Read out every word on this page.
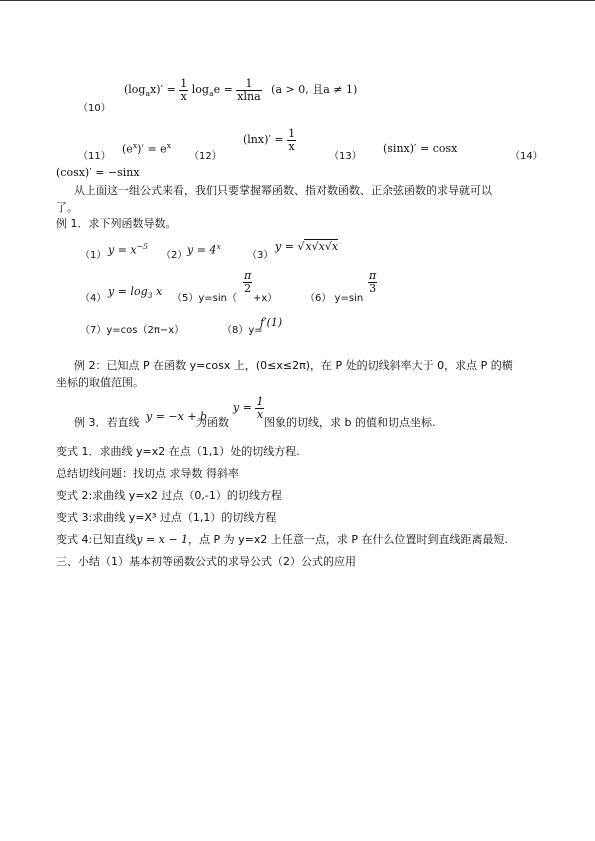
（10）
$(\log_ax)' = \frac{1}{x} \log_ae = \frac{1}{xlna} (a > 0$, 且a ≠ 1)
（11）
$(e^x)' = e^x$
（12）
$(\ln x)' = \frac{1}{x}$
（13）
(sinx)′ = cosx
（14）
(cosx)′ = −sinx
从上面这一组公式来看，我们只要掌握幂函数、指对数函数、正余弦函数的求导就可以
了。
例 1．求下列函数导数。
（1） $y = x^{-5}$
（2） $y = 4^x$
（3）
y = √x√x√x
（4）
$y = \log_3 x$
（5）y=sin（
$\frac{\pi}{2}$
+x）	（6） y=sin
$\frac{\pi}{3}$
（7）y=cos（2π−x）	（8）y=
f′(1)
例 2：已知点 P 在函数 y=cosx 上，(0≤x≤2π)，在 P 处的切线斜率大于 0，求点 P 的横
坐标的取值范围。
例 3．若直线 y = −x + b
为函数
$y = \frac{1}{x}$
图象的切线，求 b 的值和切点坐标.
变式 1．求曲线 y=x2 在点（1,1）处的切线方程.
总结切线问题：找切点 求导数 得斜率
变式 2:求曲线 y=x2 过点（0,-1）的切线方程
变式 3:求曲线 y=X³ 过点（1,1）的切线方程
变式 4:已知直线y = x − 1，点 P 为 y=x2 上任意一点，求 P 在什么位置时到直线距离最短.
三、小结（1）基本初等函数公式的求导公式（2）公式的应用
